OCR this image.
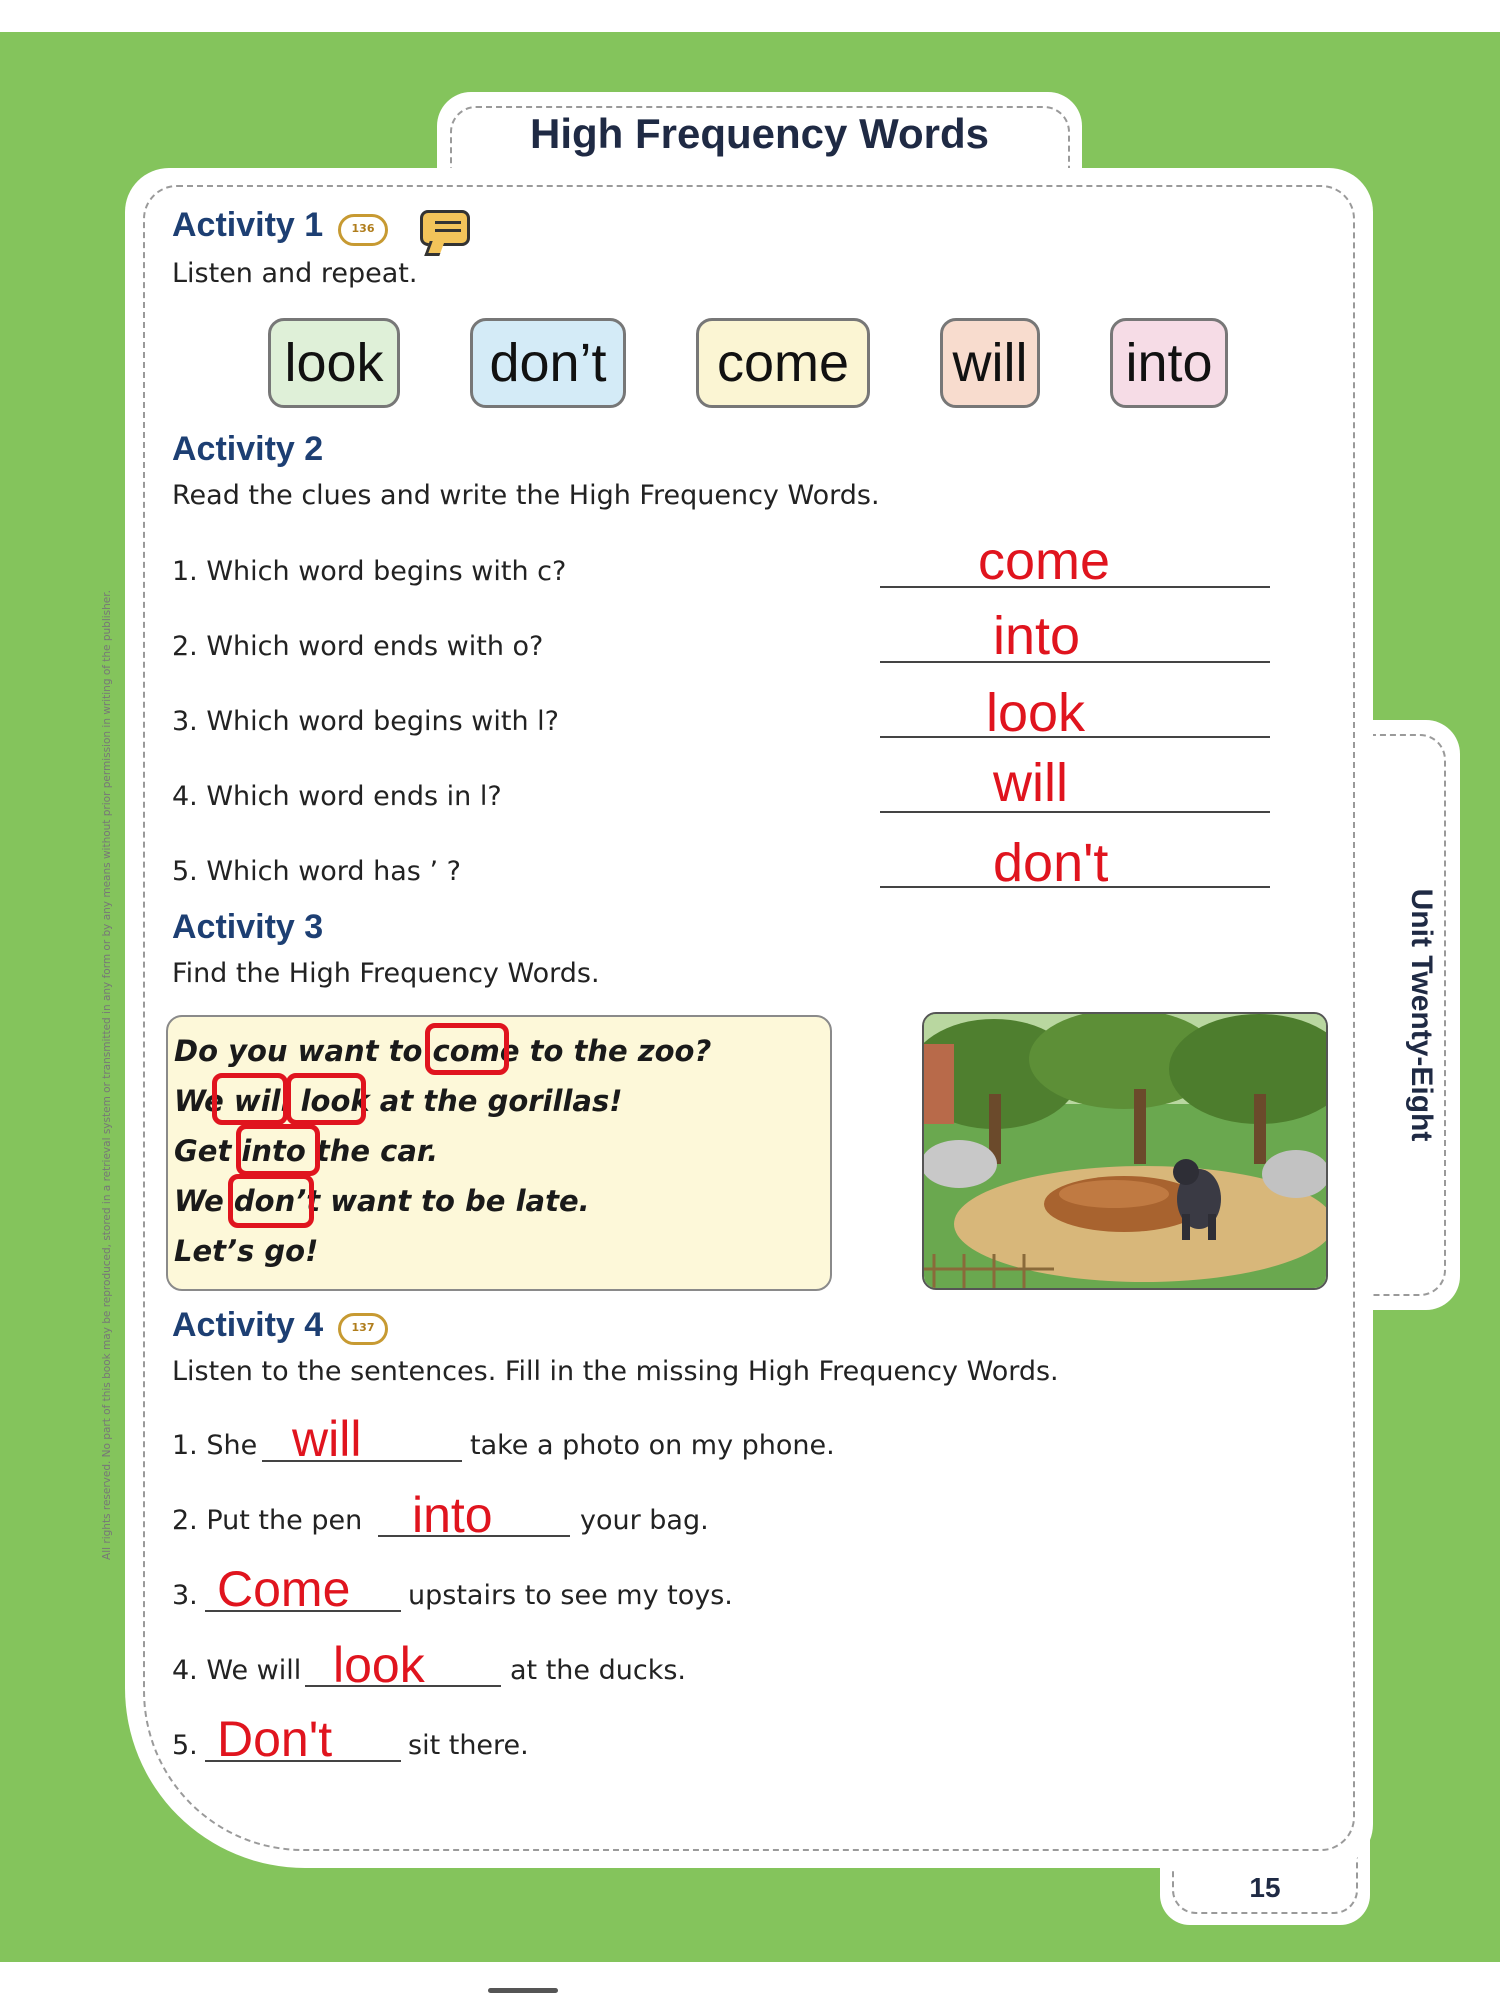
High Frequency Words
Unit Twenty-Eight
15
All rights reserved. No part of this book may be reproduced, stored in a retrieval system or transmitted in any form or by any means without prior permission in writing of the publisher.
Activity 1	136
Listen and repeat.
look	don’t	come	will into
Activity 2
Read the clues and write the High Frequency Words.
1. Which word begins with c?	come
2. Which word ends with o?	into
3. Which word begins with l?	look
4. Which word ends in l?	will
5. Which word has ’ ?	don't
Activity 3
Find the High Frequency Words.
Do you want to come to the zoo?
We will look at the gorillas!
Get into the car.
We don’t want to be late.
Let’s go!
Activity 4	137
Listen to the sentences. Fill in the missing High Frequency Words.
1. She will	take a photo on my phone.
2. Put the pen into	your bag.
3. Come upstairs to see my toys.
4. We will look	at the ducks.
5. Don't	sit there.
